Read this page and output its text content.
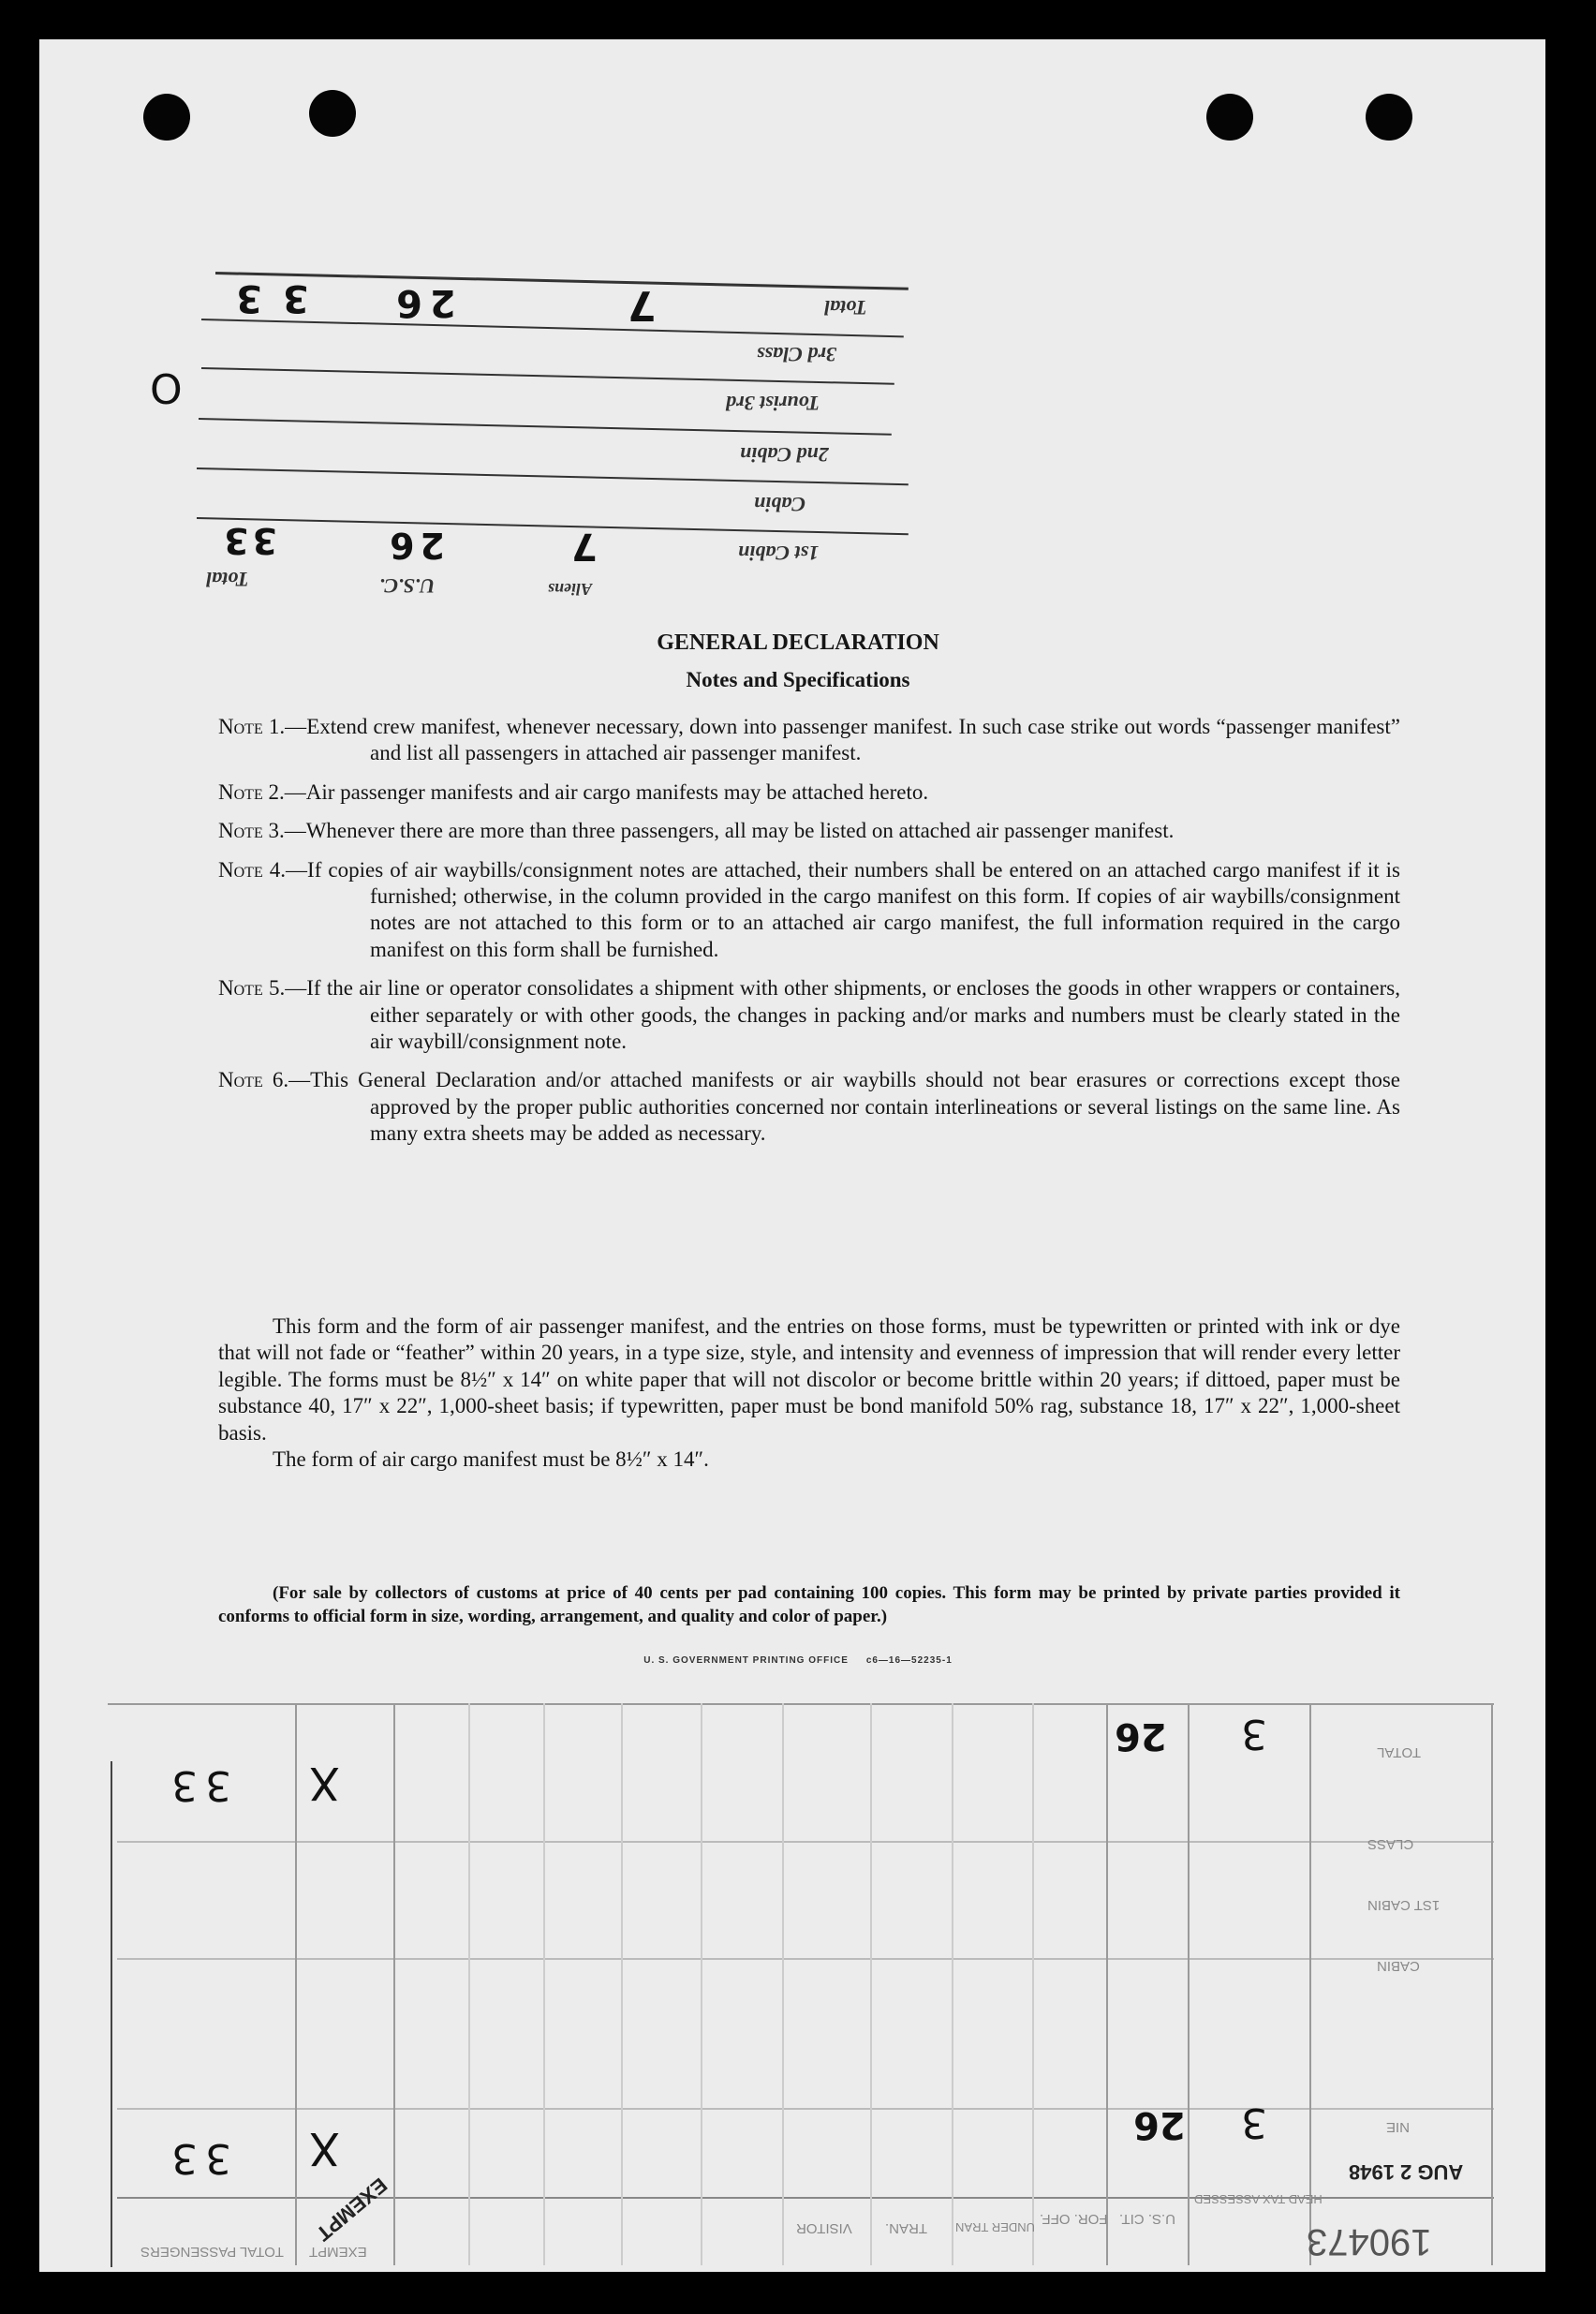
Total
3rd Class
Tourist 3rd
2nd Cabin
Cabin
1st Cabin
Aliens
U.S.C.
Total
7
26
33
7
26
33
O
GENERAL DECLARATION
Notes and Specifications
Note 1.—Extend crew manifest, whenever necessary, down into passenger manifest. In such case strike out words “passenger manifest” and list all passengers in attached air passenger manifest.
Note 2.—Air passenger manifests and air cargo manifests may be attached hereto.
Note 3.—Whenever there are more than three passengers, all may be listed on attached air passenger manifest.
Note 4.—If copies of air waybills/consignment notes are attached, their numbers shall be entered on an attached cargo manifest if it is furnished; otherwise, in the column provided in the cargo manifest on this form. If copies of air waybills/consignment notes are not attached to this form or to an attached air cargo manifest, the full information required in the cargo manifest on this form shall be furnished.
Note 5.—If the air line or operator consolidates a shipment with other shipments, or encloses the goods in other wrappers or containers, either separately or with other goods, the changes in packing and/or marks and numbers must be clearly stated in the air waybill/consignment note.
Note 6.—This General Declaration and/or attached manifests or air waybills should not bear erasures or corrections except those approved by the proper public authorities concerned nor contain interlineations or several listings on the same line. As many extra sheets may be added as necessary.

This form and the form of air passenger manifest, and the entries on those forms, must be typewritten or printed with ink or dye that will not fade or “feather” within 20 years, in a type size, style, and intensity and evenness of impression that will render every letter legible. The forms must be 8½″ x 14″ on white paper that will not discolor or become brittle within 20 years; if dittoed, paper must be substance 40, 17″ x 22″, 1,000-sheet basis; if typewritten, paper must be bond manifold 50% rag, substance 18, 17″ x 22″, 1,000-sheet basis.

The form of air cargo manifest must be 8½″ x 14″.

(For sale by collectors of customs at price of 40 cents per pad containing 100 copies. This form may be printed by private parties provided it conforms to official form in size, wording, arrangement, and quality and color of paper.)
U. S. GOVERNMENT PRINTING OFFICE c6—16—52235-1
TOTAL PASSENGERS EXEMPT
VISITOR TRAN. UNDER TRAN
FOR. OFF. U.S. CIT.
HEAD TAX ASSESSED
TOTAL
CLASS
1ST CABIN
CABIN
NIE
33 X
26 3
33 X	26 3
AUG 2 1948
190473
EXEMPT
